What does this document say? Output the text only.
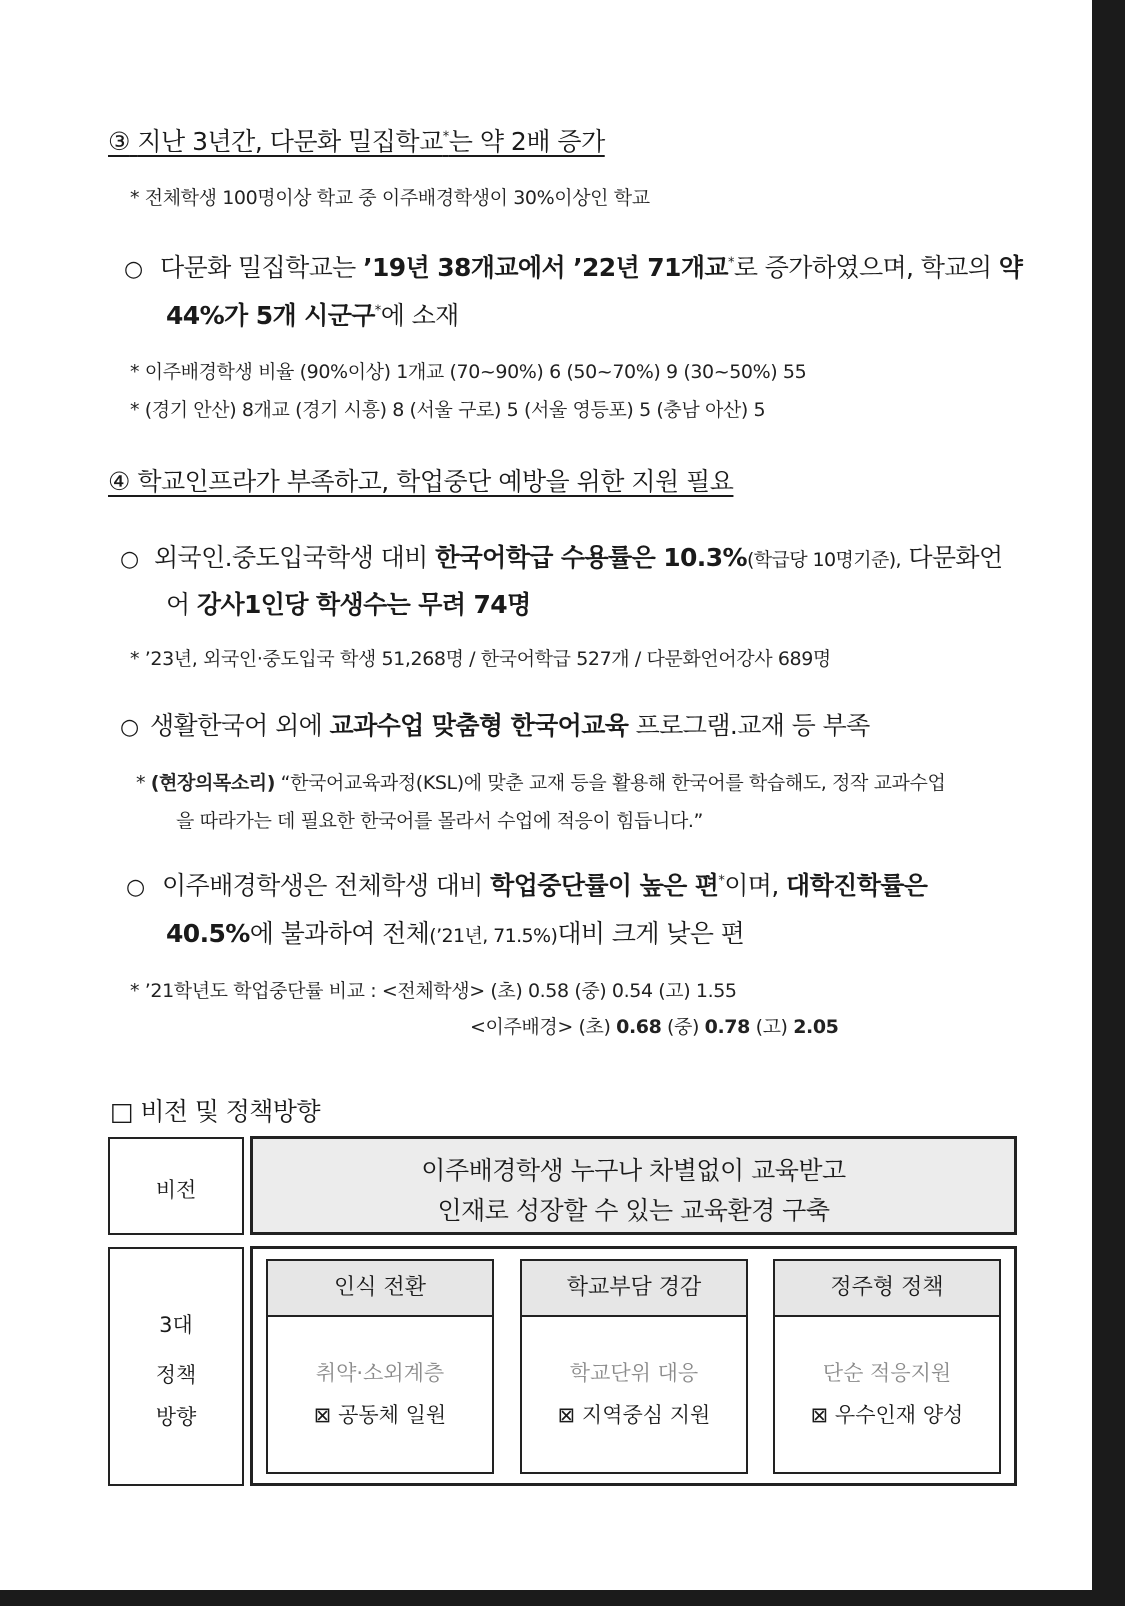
③ 지난 3년간, 다문화 밀집학교*는 약 2배 증가
* 전체학생 100명이상 학교 중 이주배경학생이 30%이상인 학교
○ 다문화 밀집학교는 ’19년 38개교에서 ’22년 71개교*로 증가하였으며, 학교의 약
44%가 5개 시군구*에 소재
* 이주배경학생 비율 (90%이상) 1개교 (70~90%) 6 (50~70%) 9 (30~50%) 55
* (경기 안산) 8개교 (경기 시흥) 8 (서울 구로) 5 (서울 영등포) 5 (충남 아산) 5
④ 학교인프라가 부족하고, 학업중단 예방을 위한 지원 필요
○ 외국인.중도입국학생 대비 한국어학급 수용률은 10.3%(학급당 10명기준), 다문화언
어 강사1인당 학생수는 무려 74명
* ’23년, 외국인·중도입국 학생 51,268명 / 한국어학급 527개 / 다문화언어강사 689명
○ 생활한국어 외에 교과수업 맞춤형 한국어교육 프로그램.교재 등 부족
* (현장의목소리) “한국어교육과정(KSL)에 맞춘 교재 등을 활용해 한국어를 학습해도, 정작 교과수업
을 따라가는 데 필요한 한국어를 몰라서 수업에 적응이 힘듭니다.”
○ 이주배경학생은 전체학생 대비 학업중단률이 높은 편*이며, 대학진학률은
40.5%에 불과하여 전체(’21년, 71.5%)대비 크게 낮은 편
* ’21학년도 학업중단률 비교 : <전체학생> (초) 0.58 (중) 0.54 (고) 1.55
<이주배경> (초) 0.68 (중) 0.78 (고) 2.05
□ 비전 및 정책방향
비전
이주배경학생 누구나 차별없이 교육받고
인재로 성장할 수 있는 교육환경 구축
3대
정책
방향
인식 전환
취약·소외계층
⊠ 공동체 일원
학교부담 경감
학교단위 대응
⊠ 지역중심 지원
정주형 정책
단순 적응지원
⊠ 우수인재 양성
